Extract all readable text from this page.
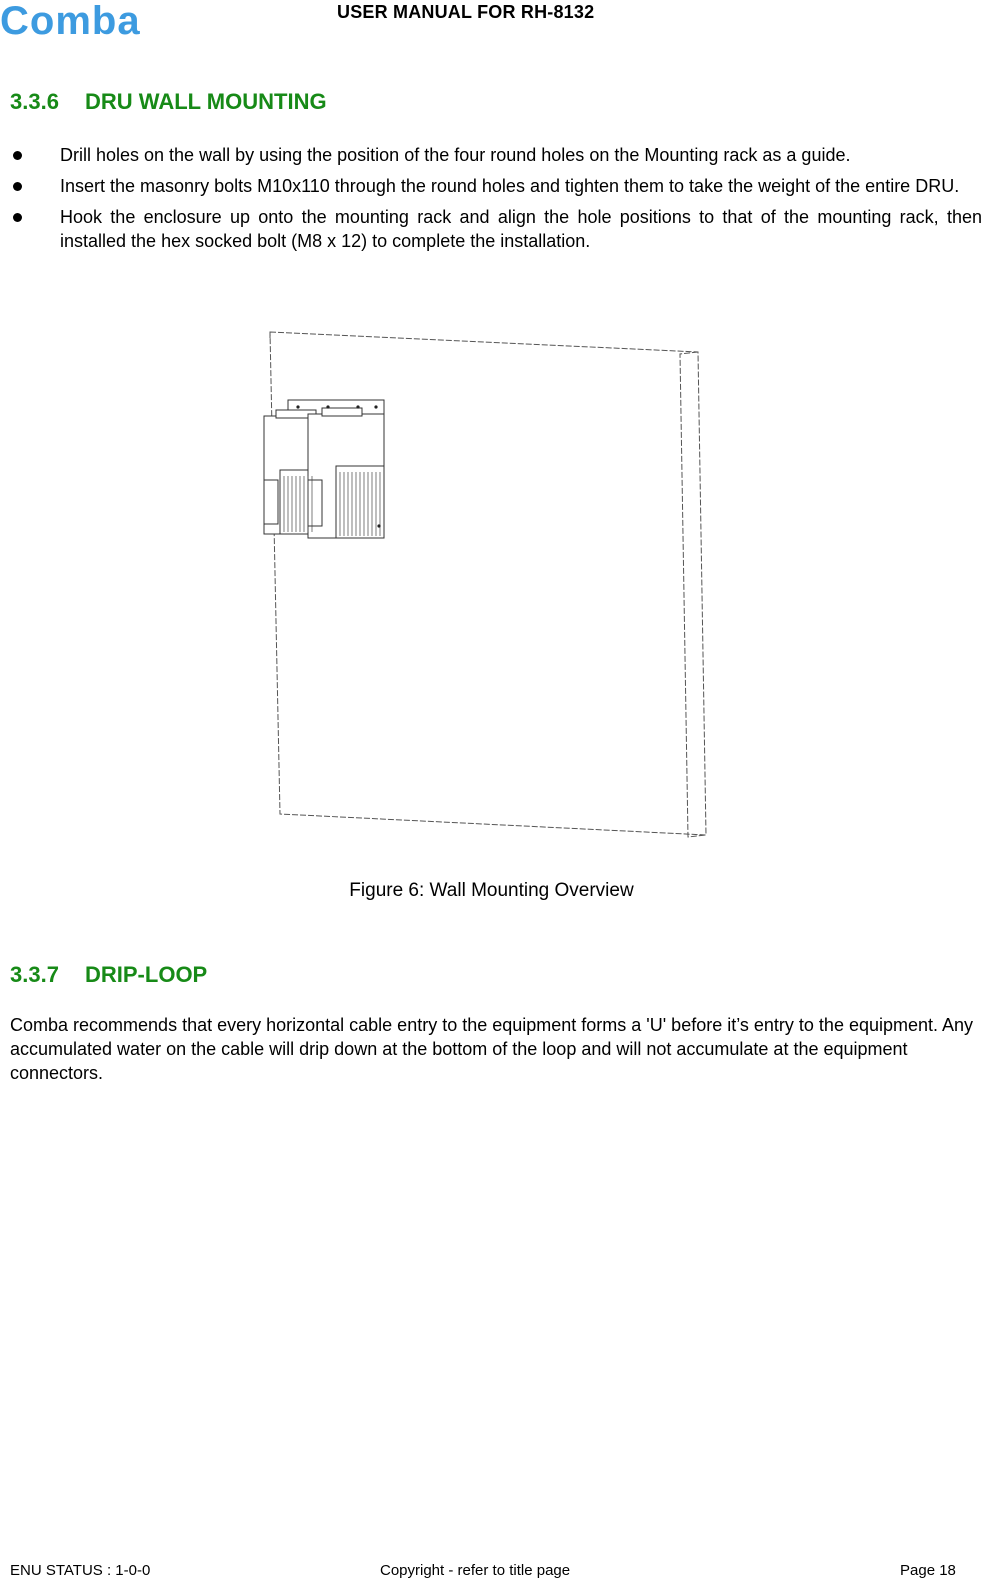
Comba	USER MANUAL FOR RH-8132
3.3.6 DRU WALL MOUNTING
Drill holes on the wall by using the position of the four round holes on the Mounting rack as a guide.
Insert the masonry bolts M10x110 through the round holes and tighten them to take the weight of the entire DRU.
Hook the enclosure up onto the mounting rack and align the hole positions to that of the mounting rack, then installed the hex socked bolt (M8 x 12) to complete the installation.
Figure 6: Wall Mounting Overview
3.3.7 DRIP-LOOP

Comba recommends that every horizontal cable entry to the equipment forms a 'U' before it’s entry to the equipment. Any accumulated water on the cable will drip down at the bottom of the loop and will not accumulate at the equipment connectors.

ENU STATUS : 1-0-0	Copyright - refer to title page	Page 18
